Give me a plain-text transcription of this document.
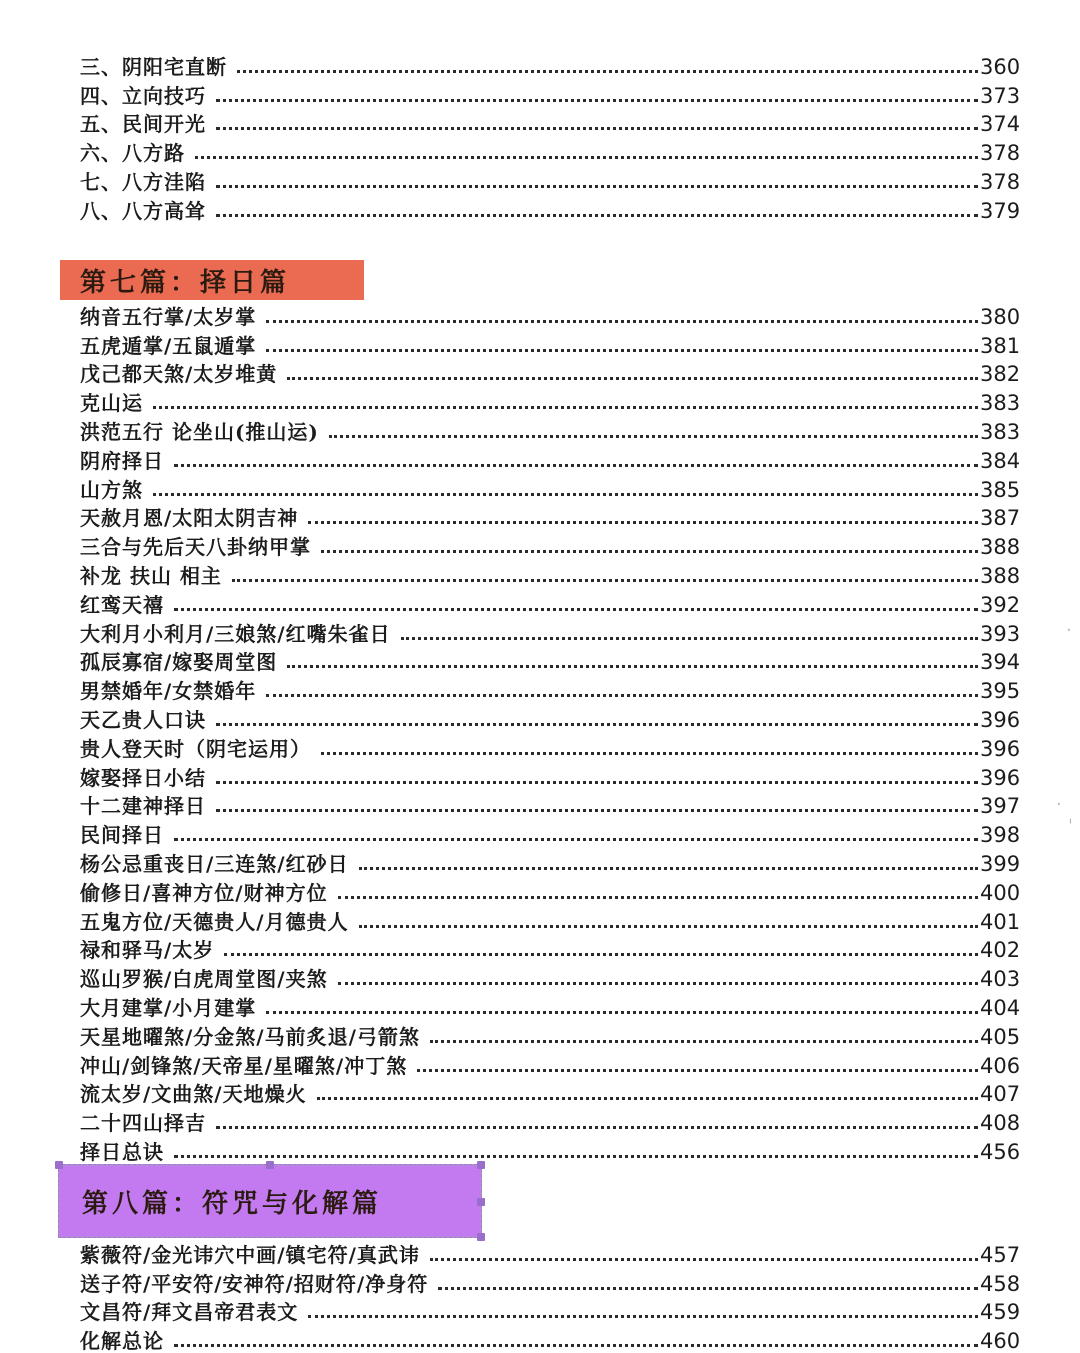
三、阴阳宅直断	360
四、立向技巧	373
五、民间开光	374
六、八方路	378
七、八方洼陷	378
八、八方高耸	379
第七篇：择日篇
纳音五行掌/太岁掌	380
五虎遁掌/五鼠遁掌	381
戊己都天煞/太岁堆黄	382
克山运	383
洪范五行 论坐山(推山运)	383
阴府择日	384
山方煞	385
天赦月恩/太阳太阴吉神	387
三合与先后天八卦纳甲掌	388
补龙 扶山 相主	388
红鸾天禧	392
大利月小利月/三娘煞/红嘴朱雀日	393
孤辰寡宿/嫁娶周堂图	394
男禁婚年/女禁婚年	395
天乙贵人口诀	396
贵人登天时（阴宅运用）	396
嫁娶择日小结	396
十二建神择日	397
民间择日	398
杨公忌重丧日/三连煞/红砂日	399
偷修日/喜神方位/财神方位	400
五鬼方位/天德贵人/月德贵人	401
禄和驿马/太岁	402
巡山罗猴/白虎周堂图/夹煞	403
大月建掌/小月建掌	404
天星地曜煞/分金煞/马前炙退/弓箭煞	405
冲山/剑锋煞/天帝星/星曜煞/冲丁煞	406
流太岁/文曲煞/天地燥火	407
二十四山择吉	408
择日总诀	456
第八篇：符咒与化解篇
紫薇符/金光讳穴中画/镇宅符/真武讳	457
送子符/平安符/安神符/招财符/净身符	458
文昌符/拜文昌帝君表文	459
化解总论	460
·
·
ˈ
